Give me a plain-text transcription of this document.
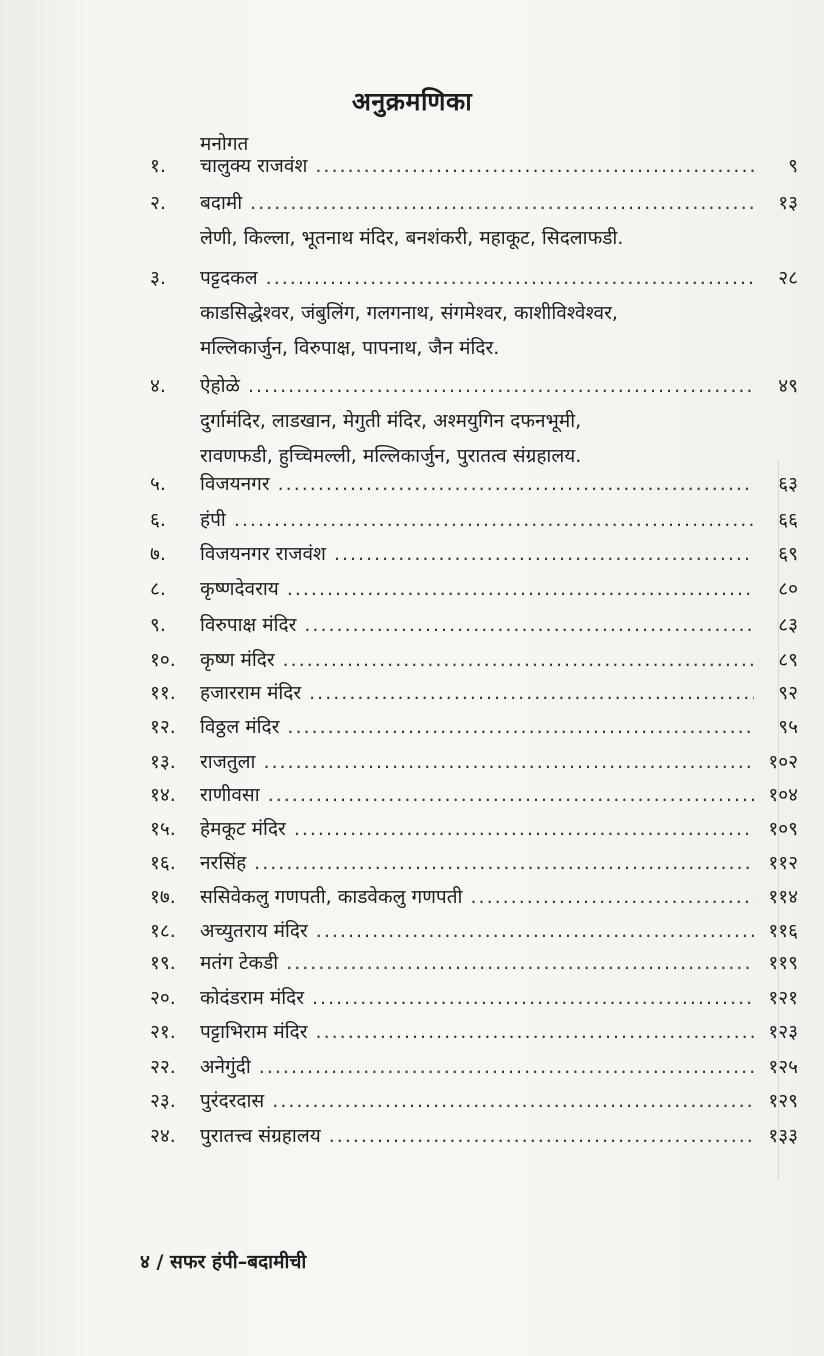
अनुक्रमणिका
मनोगत
१.	चालुक्य राजवंश .....	९
२.	बदामी .....	१३
लेणी, किल्ला, भूतनाथ मंदिर, बनशंकरी, महाकूट, सिदलाफडी.
३.	पट्टदकल .....	२८
काडसिद्धेश्वर, जंबुलिंग, गलगनाथ, संगमेश्वर, काशीविश्वेश्वर,
मल्लिकार्जुन, विरुपाक्ष, पापनाथ, जैन मंदिर.
४.	ऐहोळे .....	४९
दुर्गामंदिर, लाडखान, मेगुती मंदिर, अश्मयुगिन दफनभूमी,
रावणफडी, हुच्चिमल्ली, मल्लिकार्जुन, पुरातत्व संग्रहालय.
५.	विजयनगर .....	६३
६.	हंपी .....	६६
७.	विजयनगर राजवंश .....	६९
८.	कृष्णदेवराय .....	८०
९.	विरुपाक्ष मंदिर .....	८३
१०.	कृष्ण मंदिर .....	८९
११.	हजारराम मंदिर .....	९२
१२.	विठ्ठल मंदिर .....	९५
१३.	राजतुला .....	१०२
१४.	राणीवसा .....	१०४
१५.	हेमकूट मंदिर .....	१०९
१६.	नरसिंह .....	११२
१७.	ससिवेकलु गणपती, काडवेकलु गणपती .....	११४
१८.	अच्युतराय मंदिर .....	११६
१९.	मतंग टेकडी .....	११९
२०.	कोदंडराम मंदिर .....	१२१
२१.	पट्टाभिराम मंदिर .....	१२३
२२.	अनेगुंदी .....	१२५
२३.	पुरंदरदास .....	१२९
२४.	पुरातत्त्व संग्रहालय .....	१३३
४ / सफर हंपी–बदामीची
